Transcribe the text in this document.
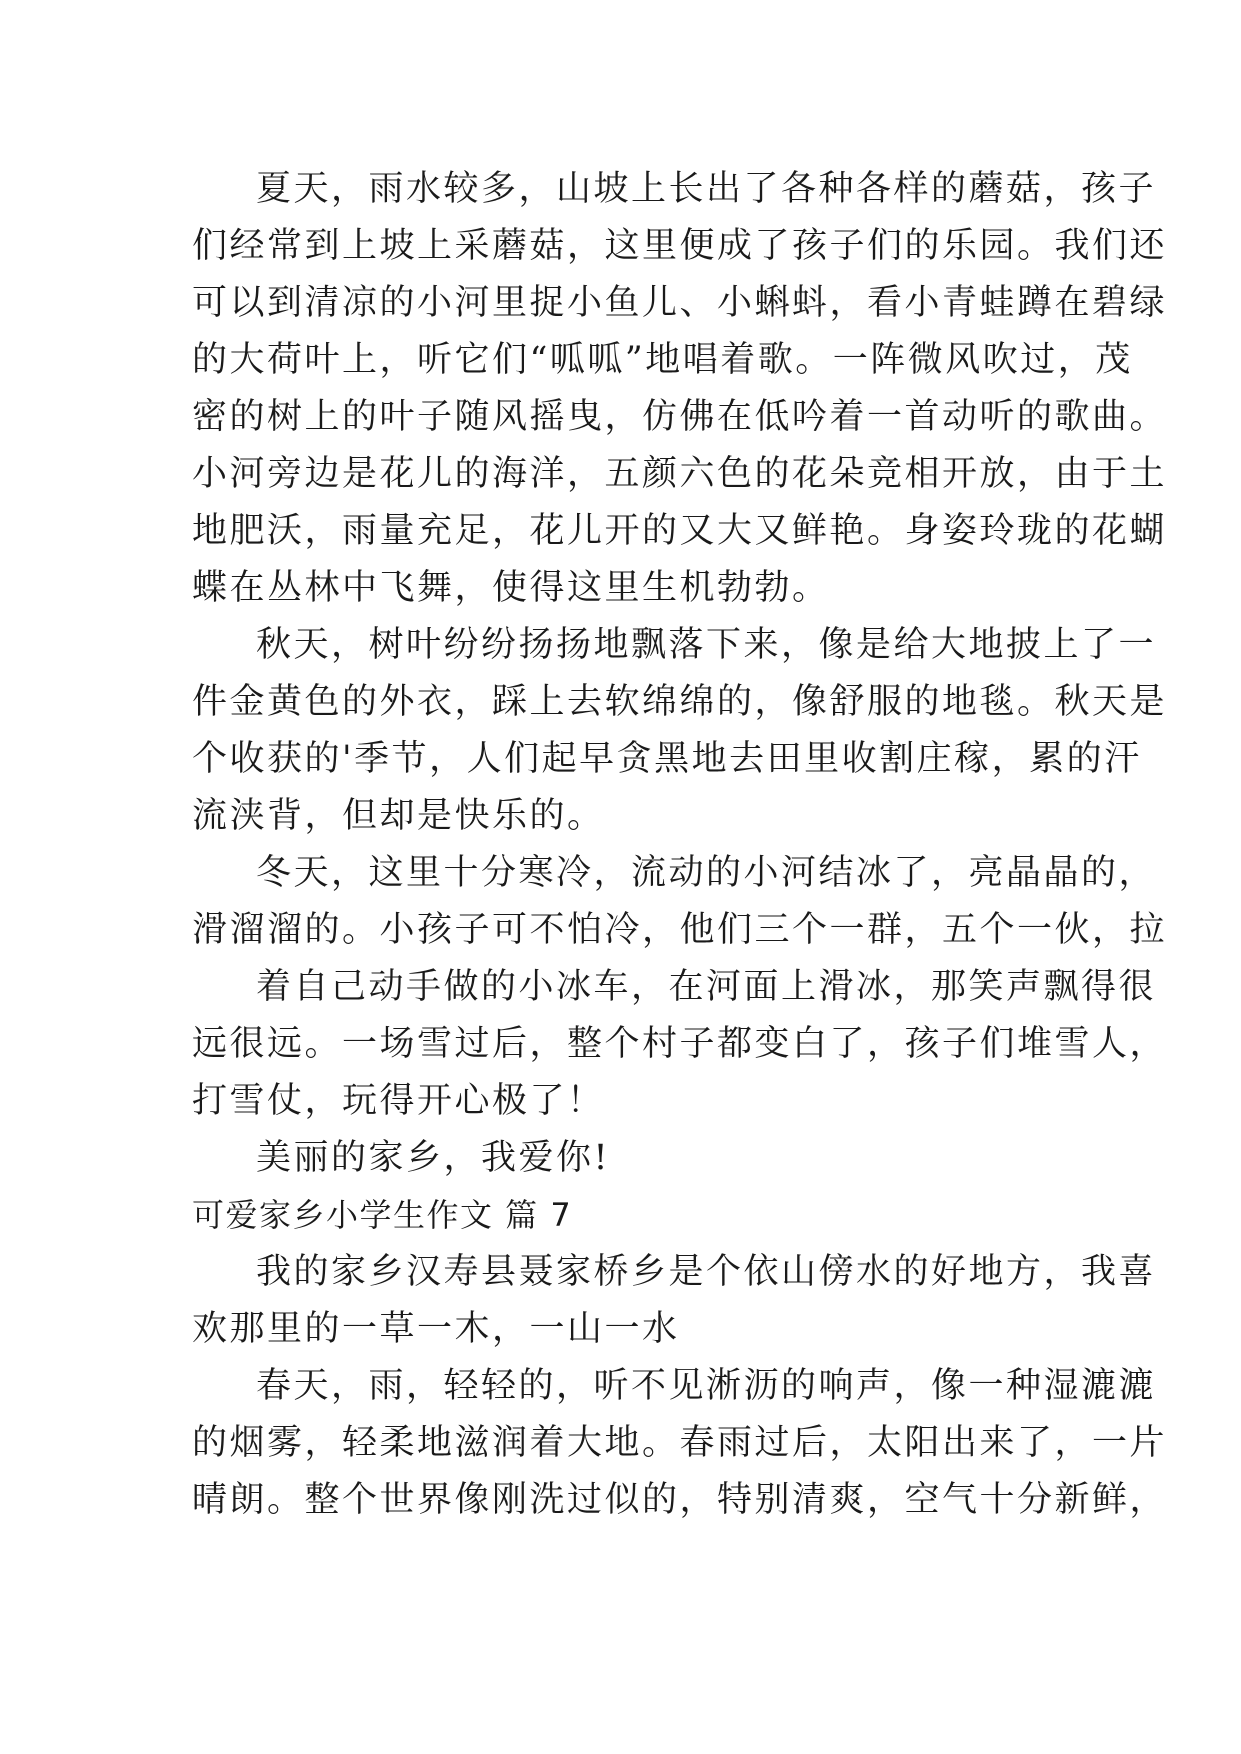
夏天，雨水较多，山坡上长出了各种各样的蘑菇，孩子
们经常到上坡上采蘑菇，这里便成了孩子们的乐园。我们还
可以到清凉的小河里捉小鱼儿、小蝌蚪，看小青蛙蹲在碧绿
的大荷叶上，听它们“呱呱”地唱着歌。一阵微风吹过，茂
密的树上的叶子随风摇曳，仿佛在低吟着一首动听的歌曲。
小河旁边是花儿的海洋，五颜六色的花朵竞相开放，由于土
地肥沃，雨量充足，花儿开的又大又鲜艳。身姿玲珑的花蝴
蝶在丛林中飞舞，使得这里生机勃勃。
秋天，树叶纷纷扬扬地飘落下来，像是给大地披上了一
件金黄色的外衣，踩上去软绵绵的，像舒服的地毯。秋天是
个收获的'季节，人们起早贪黑地去田里收割庄稼，累的汗
流浃背，但却是快乐的。
冬天，这里十分寒冷，流动的小河结冰了，亮晶晶的，
滑溜溜的。小孩子可不怕冷，他们三个一群，五个一伙，拉
着自己动手做的小冰车，在河面上滑冰，那笑声飘得很
远很远。一场雪过后，整个村子都变白了，孩子们堆雪人，
打雪仗，玩得开心极了！
美丽的家乡，我爱你!
可爱家乡小学生作文 篇 7
我的家乡汉寿县聂家桥乡是个依山傍水的好地方，我喜
欢那里的一草一木，一山一水
春天，雨，轻轻的，听不见淅沥的响声，像一种湿漉漉
的烟雾，轻柔地滋润着大地。春雨过后，太阳出来了，一片
晴朗。整个世界像刚洗过似的，特别清爽，空气十分新鲜，
